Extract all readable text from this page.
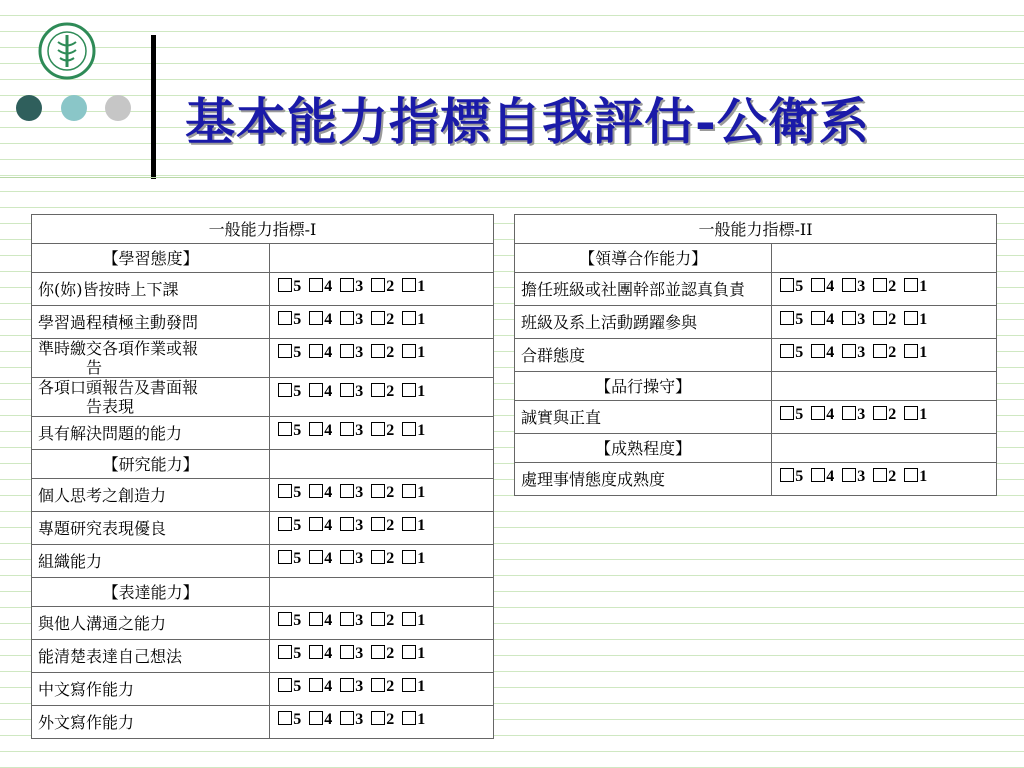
基本能力指標自我評估-公衛系
一般能力指標-I	
【學習態度】	
你(妳)皆按時上下課	5 4 3 2 1
學習過程積極主動發問	5 4 3 2 1
準時繳交各項作業或報
告	5 4 3 2 1
各項口頭報告及書面報
告表現	5 4 3 2 1
具有解決問題的能力	5 4 3 2 1
【研究能力】	
個人思考之創造力	5 4 3 2 1
專題研究表現優良	5 4 3 2 1
組織能力	5 4 3 2 1
【表達能力】	
與他人溝通之能力	5 4 3 2 1
能清楚表達自己想法	5 4 3 2 1
中文寫作能力	5 4 3 2 1
外文寫作能力	5 4 3 2 1
一般能力指標-II	
【領導合作能力】	
擔任班級或社團幹部並認真負責	5 4 3 2 1
班級及系上活動踴躍參與	5 4 3 2 1
合群態度	5 4 3 2 1
【品行操守】	
誠實與正直	5 4 3 2 1
【成熟程度】	
處理事情態度成熟度	5 4 3 2 1
